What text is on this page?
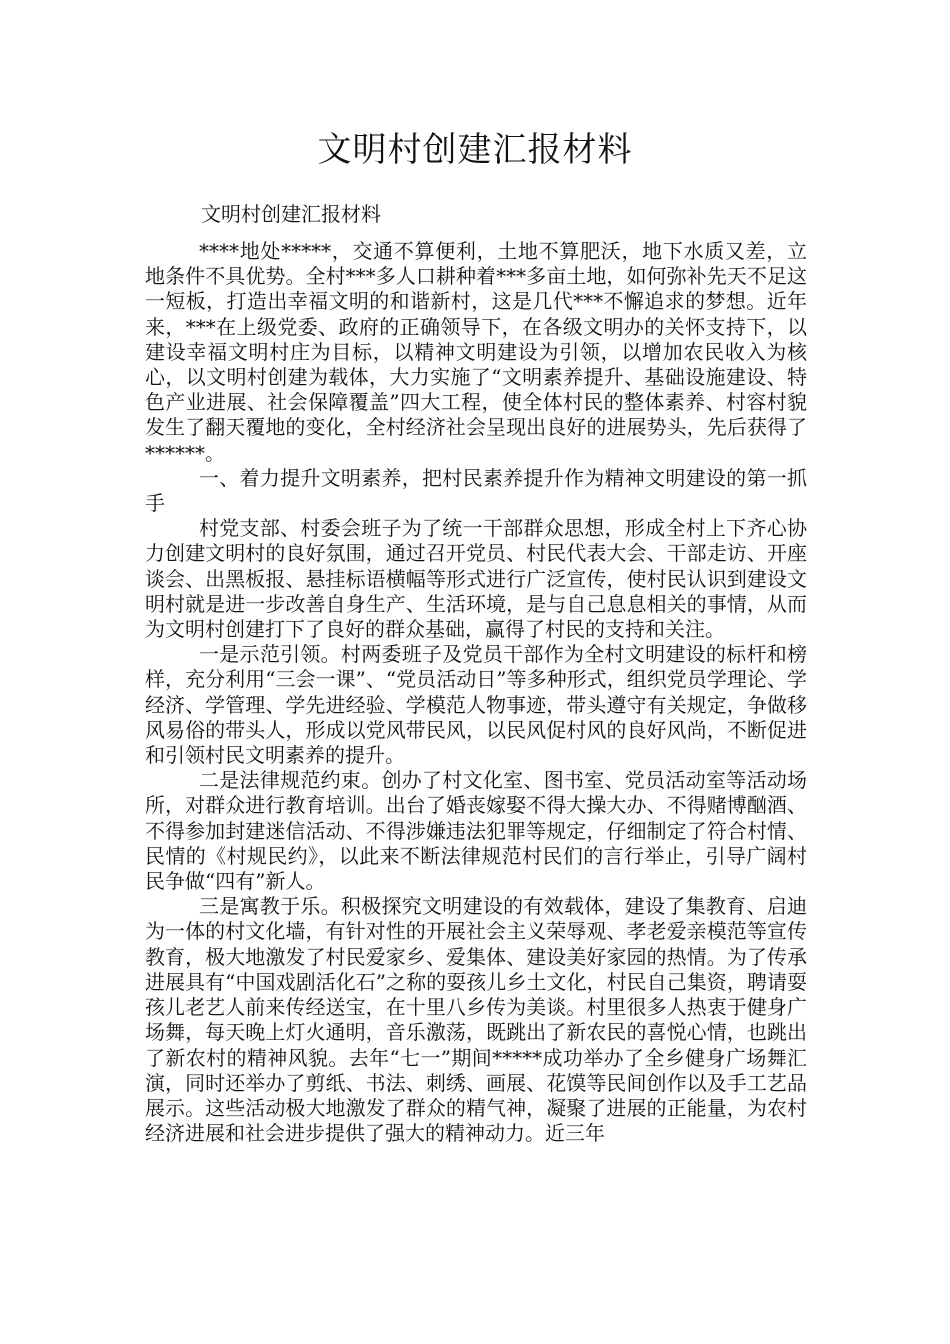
文明村创建汇报材料

文明村创建汇报材料

****地处*****，交通不算便利，土地不算肥沃，地下水质又差，立地条件不具优势。全村***多人口耕种着***多亩土地，如何弥补先天不足这一短板，打造出幸福文明的和谐新村，这是几代***不懈追求的梦想。近年来，***在上级党委、政府的正确领导下，在各级文明办的关怀支持下，以建设幸福文明村庄为目标，以精神文明建设为引领，以增加农民收入为核心，以文明村创建为载体，大力实施了“文明素养提升、基础设施建设、特色产业进展、社会保障覆盖”四大工程，使全体村民的整体素养、村容村貌发生了翻天覆地的变化，全村经济社会呈现出良好的进展势头，先后获得了******。

一、着力提升文明素养，把村民素养提升作为精神文明建设的第一抓手

村党支部、村委会班子为了统一干部群众思想，形成全村上下齐心协力创建文明村的良好氛围，通过召开党员、村民代表大会、干部走访、开座谈会、出黑板报、悬挂标语横幅等形式进行广泛宣传，使村民认识到建设文明村就是进一步改善自身生产、生活环境，是与自己息息相关的事情，从而为文明村创建打下了良好的群众基础，赢得了村民的支持和关注。

一是示范引领。村两委班子及党员干部作为全村文明建设的标杆和榜样，充分利用“三会一课”、“党员活动日”等多种形式，组织党员学理论、学经济、学管理、学先进经验、学模范人物事迹，带头遵守有关规定，争做移风易俗的带头人，形成以党风带民风，以民风促村风的良好风尚，不断促进和引领村民文明素养的提升。

二是法律规范约束。创办了村文化室、图书室、党员活动室等活动场所，对群众进行教育培训。出台了婚丧嫁娶不得大操大办、不得赌博酗酒、不得参加封建迷信活动、不得涉嫌违法犯罪等规定，仔细制定了符合村情、民情的《村规民约》，以此来不断法律规范村民们的言行举止，引导广阔村民争做“四有”新人。

三是寓教于乐。积极探究文明建设的有效载体，建设了集教育、启迪为一体的村文化墙，有针对性的开展社会主义荣辱观、孝老爱亲模范等宣传教育，极大地激发了村民爱家乡、爱集体、建设美好家园的热情。为了传承进展具有“中国戏剧活化石”之称的耍孩儿乡土文化，村民自己集资，聘请耍孩儿老艺人前来传经送宝，在十里八乡传为美谈。村里很多人热衷于健身广场舞，每天晚上灯火通明，音乐激荡，既跳出了新农民的喜悦心情，也跳出了新农村的精神风貌。去年“七一”期间*****成功举办了全乡健身广场舞汇演，同时还举办了剪纸、书法、刺绣、画展、花馍等民间创作以及手工艺品展示。这些活动极大地激发了群众的精气神，凝聚了进展的正能量，为农村经济进展和社会进步提供了强大的精神动力。近三年
